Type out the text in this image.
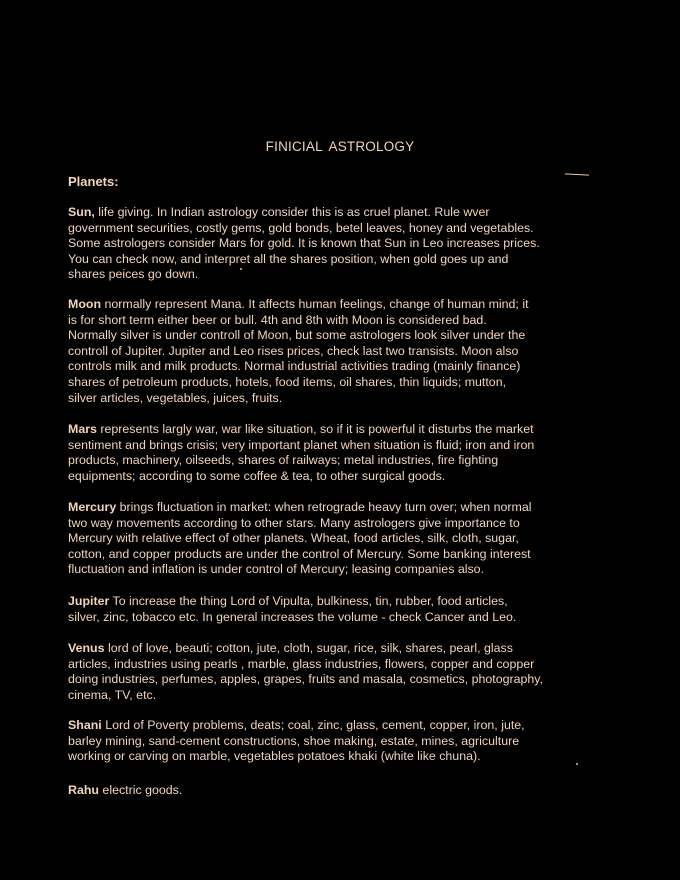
FINICIAL ASTROLOGY
Planets:

Sun, life giving. In Indian astrology consider this is as cruel planet. Rule wver
government securities, costly gems, gold bonds, betel leaves, honey and vegetables.
Some astrologers consider Mars for gold. It is known that Sun in Leo increases prices.
You can check now, and interpret all the shares position, when gold goes up and
shares peices go down.

Moon normally represent Mana. It affects human feelings, change of human mind; it
is for short term either beer or bull. 4th and 8th with Moon is considered bad.
Normally silver is under controll of Moon, but some astrologers look silver under the
controll of Jupiter. Jupiter and Leo rises prices, check last two transists. Moon also
controls milk and milk products. Normal industrial activities trading (mainly finance)
shares of petroleum products, hotels, food items, oil shares, thin liquids; mutton,
silver articles, vegetables, juices, fruits.

Mars represents largly war, war like situation, so if it is powerful it disturbs the market
sentiment and brings crisis; very important planet when situation is fluid; iron and iron
products, machinery, oilseeds, shares of railways; metal industries, fire fighting
equipments; according to some coffee & tea, to other surgical goods.

Mercury brings fluctuation in market: when retrograde heavy turn over; when normal
two way movements according to other stars. Many astrologers give importance to
Mercury with relative effect of other planets. Wheat, food articles, silk, cloth, sugar,
cotton, and copper products are under the control of Mercury. Some banking interest
fluctuation and inflation is under control of Mercury; leasing companies also.

Jupiter To increase the thing Lord of Vipulta, bulkiness, tin, rubber, food articles,
silver, zinc, tobacco etc. In general increases the volume - check Cancer and Leo.

Venus lord of love, beauti; cotton, jute, cloth, sugar, rice, silk, shares, pearl, glass
articles, industries using pearls , marble, glass industries, flowers, copper and copper
doing industries, perfumes, apples, grapes, fruits and masala, cosmetics, photography,
cinema, TV, etc.

Shani Lord of Poverty problems, deats; coal, zinc, glass, cement, copper, iron, jute,
barley mining, sand-cement constructions, shoe making, estate, mines, agriculture
working or carving on marble, vegetables potatoes khaki (white like chuna).

Rahu electric goods.
